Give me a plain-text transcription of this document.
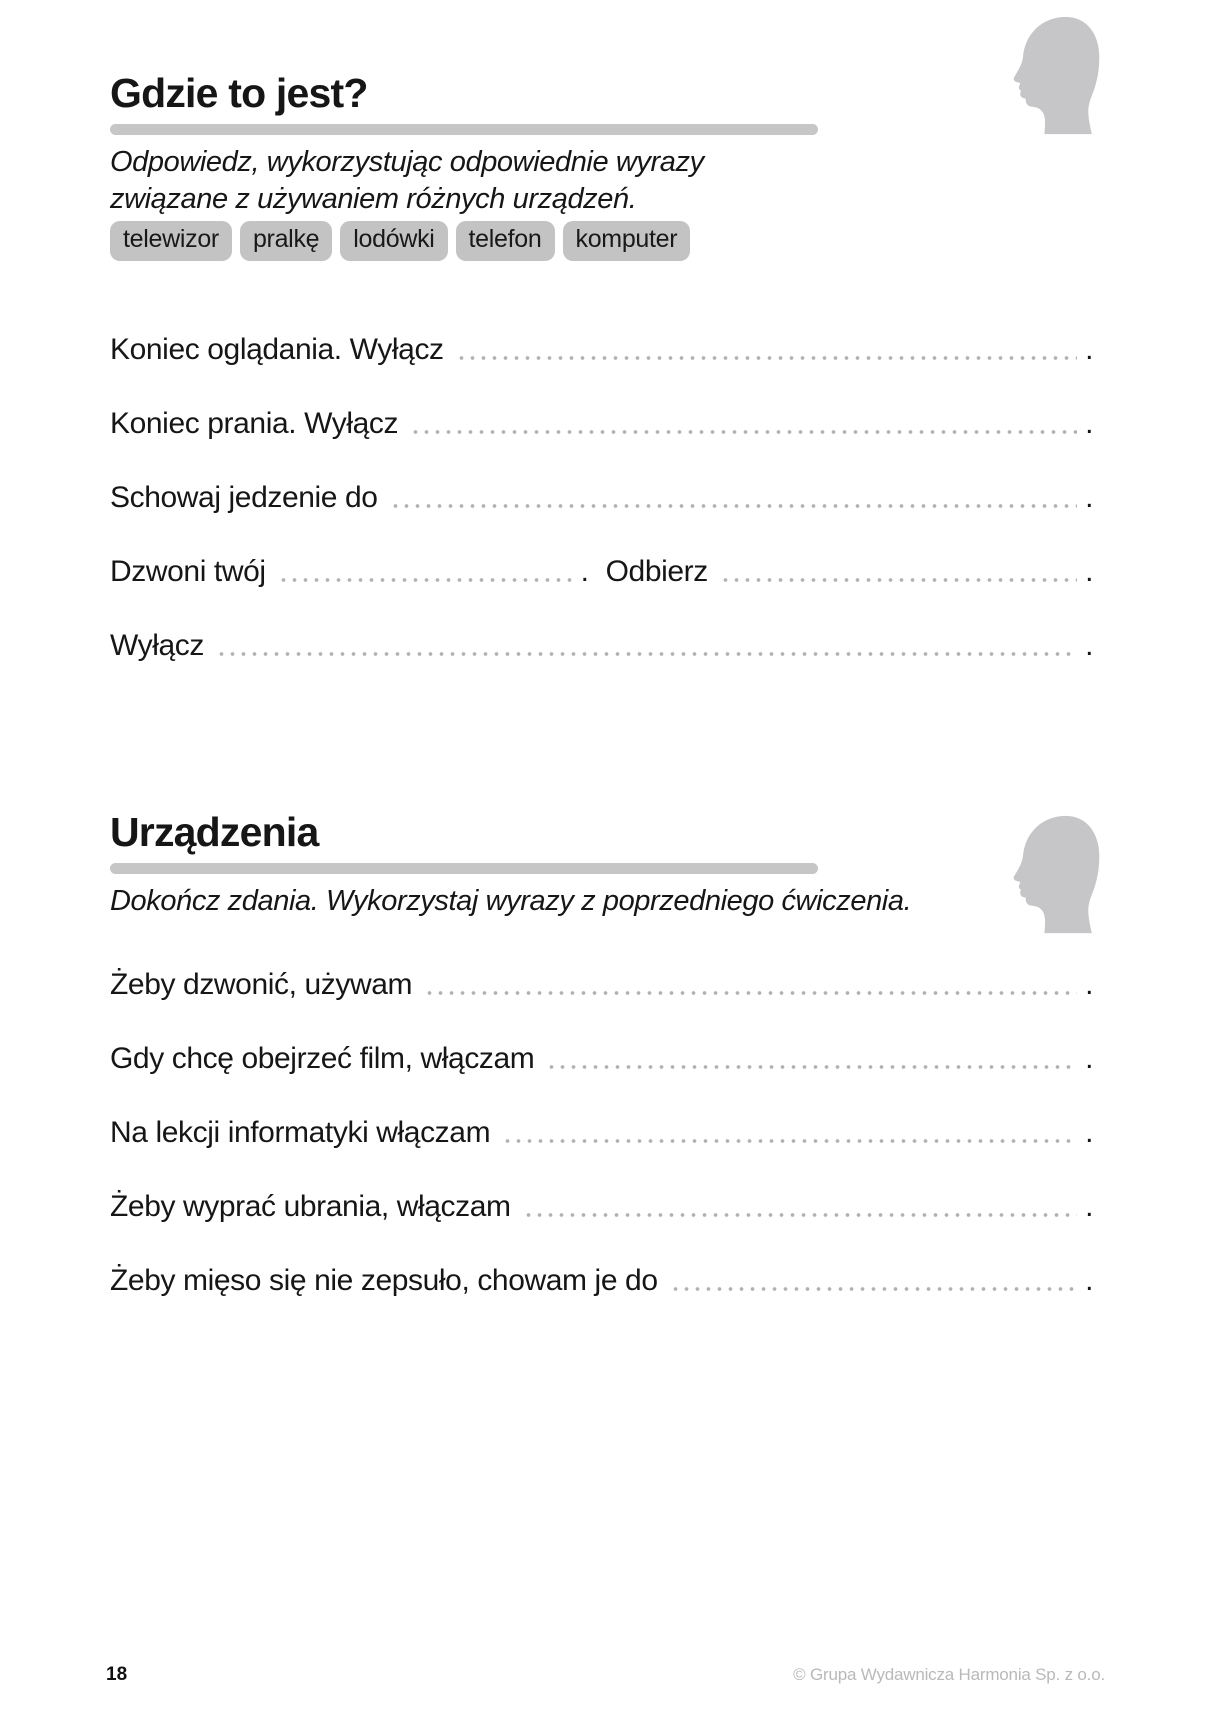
Gdzie to jest?
Odpowiedz, wykorzystując odpowiednie wyrazy
związane z używaniem różnych urządzeń.
telewizor	pralkę	lodówki	telefon	komputer
Koniec oglądania. Wyłącz	.
Koniec prania. Wyłącz	.
Schowaj jedzenie do	.
Dzwoni twój	. Odbierz	.
Wyłącz	.
Urządzenia
Dokończ zdania. Wykorzystaj wyrazy z poprzedniego ćwiczenia.
Żeby dzwonić, używam	.
Gdy chcę obejrzeć film, włączam	.
Na lekcji informatyki włączam	.
Żeby wyprać ubrania, włączam	.
Żeby mięso się nie zepsuło, chowam je do	.
18	© Grupa Wydawnicza Harmonia Sp. z o.o.
